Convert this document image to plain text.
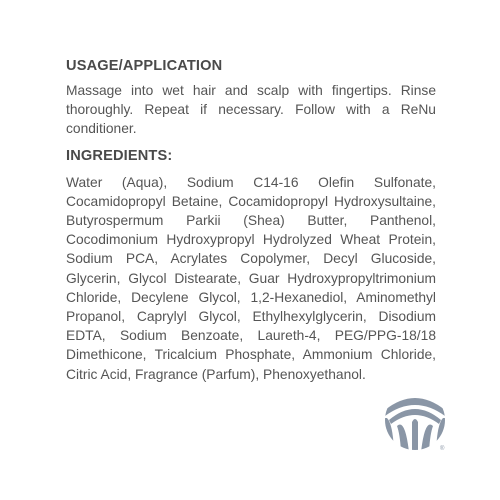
USAGE/APPLICATION

Massage into wet hair and scalp with fingertips. Rinse thoroughly. Repeat if necessary. Follow with a ReNu conditioner.

INGREDIENTS:

Water (Aqua), Sodium C14-16 Olefin Sulfonate, Cocamidopropyl Betaine, Cocamidopropyl Hydroxysultaine, Butyrospermum Parkii (Shea) Butter, Panthenol, Cocodimonium Hydroxypropyl Hydrolyzed Wheat Protein, Sodium PCA, Acrylates Copolymer, Decyl Glucoside, Glycerin, Glycol Distearate, Guar Hydroxypropyltrimonium Chloride, Decylene Glycol, 1,2-Hexanediol, Aminomethyl Propanol, Caprylyl Glycol, Ethylhexylglycerin, Disodium EDTA, Sodium Benzoate, Laureth-4, PEG/PPG-18/18 Dimethicone, Tricalcium Phosphate, Ammonium Chloride, Citric Acid, Fragrance (Parfum), Phenoxyethanol.

®
